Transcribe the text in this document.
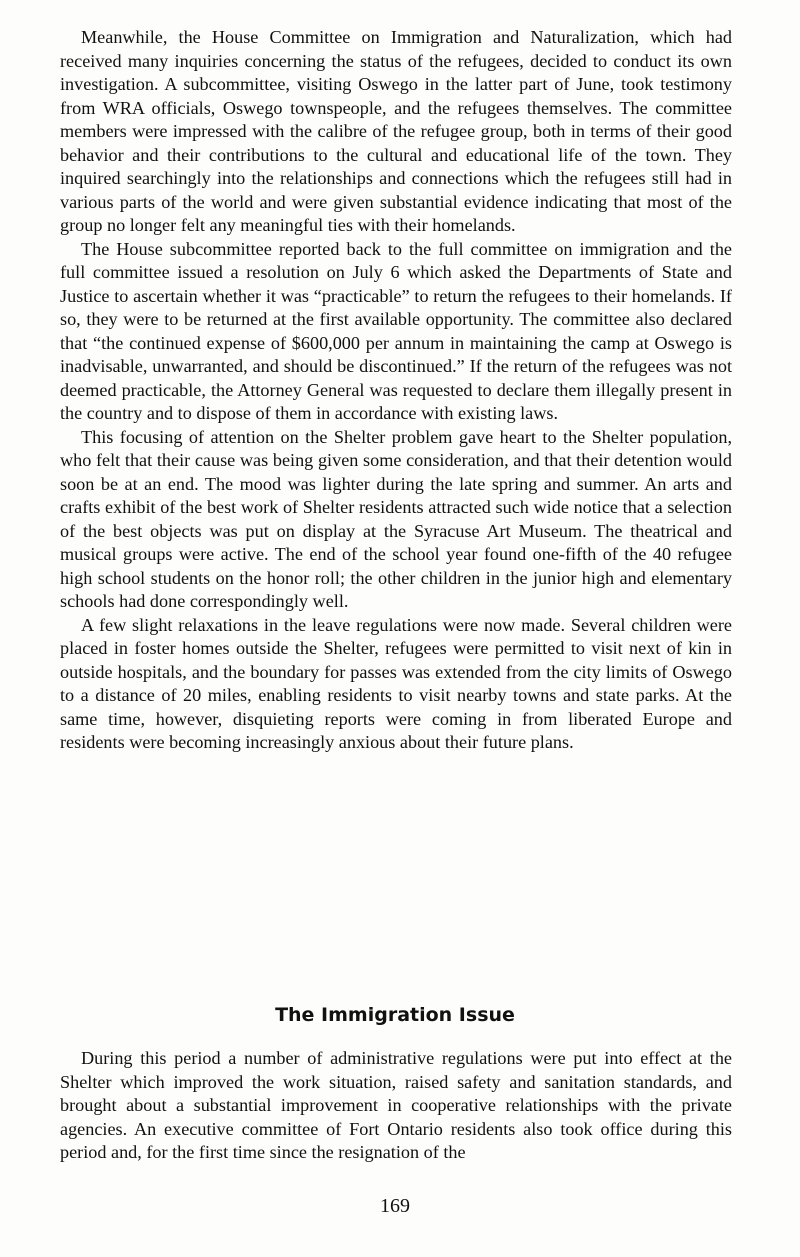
Meanwhile, the House Committee on Immigration and Naturalization, which had received many inquiries concerning the status of the refugees, decided to conduct its own investigation. A subcommittee, visiting Oswego in the latter part of June, took testimony from WRA officials, Oswego townspeople, and the refugees themselves. The committee members were impressed with the calibre of the refugee group, both in terms of their good behavior and their contributions to the cultural and educational life of the town. They inquired searchingly into the relationships and connections which the refugees still had in various parts of the world and were given substantial evidence indicating that most of the group no longer felt any meaningful ties with their homelands.

The House subcommittee reported back to the full committee on immigration and the full committee issued a resolution on July 6 which asked the Departments of State and Justice to ascertain whether it was “practicable” to return the refugees to their homelands. If so, they were to be returned at the first available opportunity. The committee also declared that “the continued expense of $600,000 per annum in maintaining the camp at Oswego is inadvisable, unwarranted, and should be discontinued.” If the return of the refugees was not deemed practicable, the Attorney General was requested to declare them illegally present in the country and to dispose of them in accordance with existing laws.

This focusing of attention on the Shelter problem gave heart to the Shelter population, who felt that their cause was being given some consideration, and that their detention would soon be at an end. The mood was lighter during the late spring and summer. An arts and crafts exhibit of the best work of Shelter residents attracted such wide notice that a selection of the best objects was put on display at the Syracuse Art Museum. The theatrical and musical groups were active. The end of the school year found one-fifth of the 40 refugee high school students on the honor roll; the other children in the junior high and elementary schools had done correspondingly well.

A few slight relaxations in the leave regulations were now made. Several children were placed in foster homes outside the Shelter, refugees were permitted to visit next of kin in outside hospitals, and the boundary for passes was extended from the city limits of Oswego to a distance of 20 miles, enabling residents to visit nearby towns and state parks. At the same time, however, disquieting reports were coming in from liberated Europe and residents were becoming increasingly anxious about their future plans.

The Immigration Issue

During this period a number of administrative regulations were put into effect at the Shelter which improved the work situation, raised safety and sanitation standards, and brought about a substantial improvement in cooperative relationships with the private agencies. An executive committee of Fort Ontario residents also took office during this period and, for the first time since the resignation of the

169
